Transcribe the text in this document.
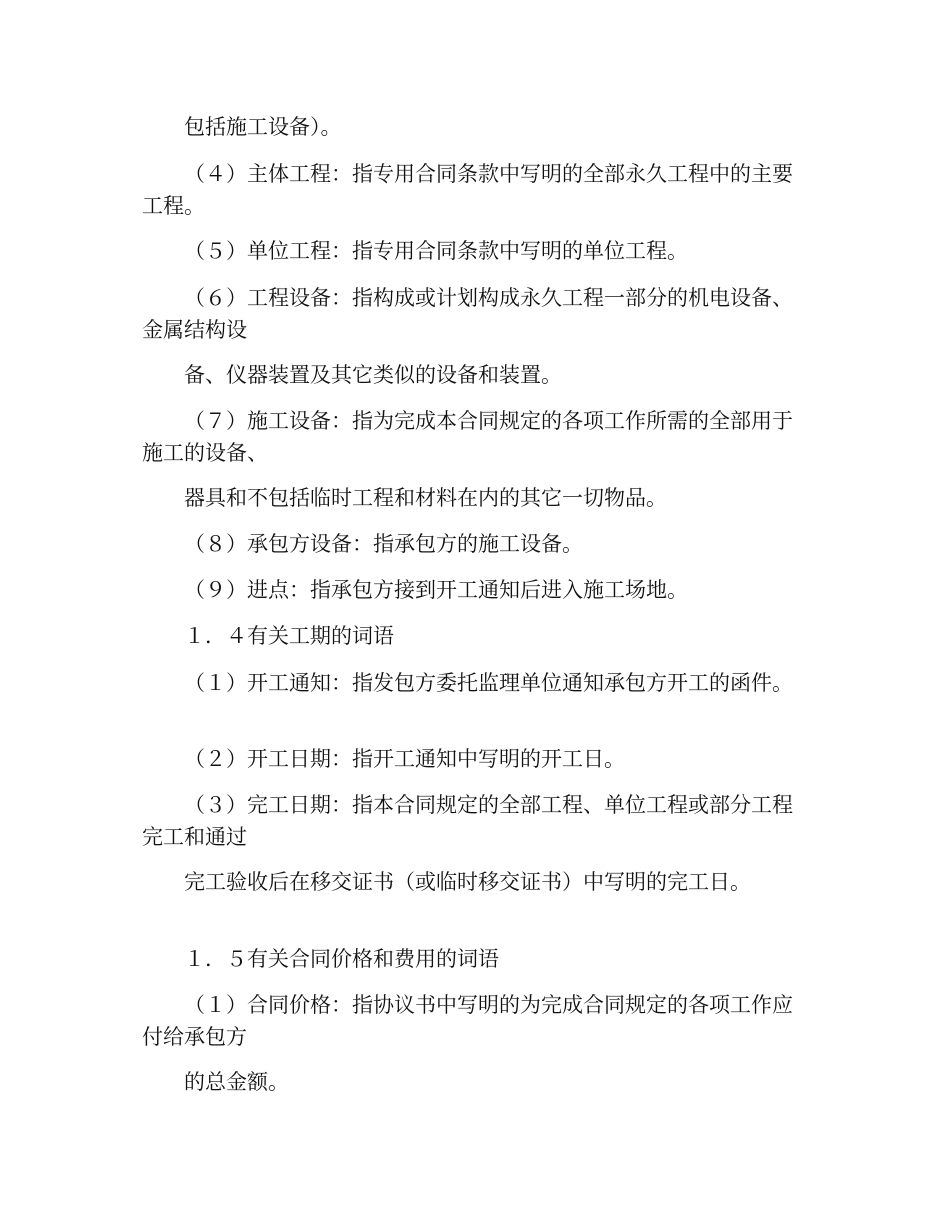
包括施工设备）。

（４）主体工程：指专用合同条款中写明的全部永久工程中的主要工程。

（５）单位工程：指专用合同条款中写明的单位工程。

（６）工程设备：指构成或计划构成永久工程一部分的机电设备、金属结构设

备、仪器装置及其它类似的设备和装置。

（７）施工设备：指为完成本合同规定的各项工作所需的全部用于施工的设备、

器具和不包括临时工程和材料在内的其它一切物品。

（８）承包方设备：指承包方的施工设备。

（９）进点：指承包方接到开工通知后进入施工场地。

１．４有关工期的词语

（１）开工通知：指发包方委托监理单位通知承包方开工的函件。

（２）开工日期：指开工通知中写明的开工日。

（３）完工日期：指本合同规定的全部工程、单位工程或部分工程完工和通过

完工验收后在移交证书（或临时移交证书）中写明的完工日。

１．５有关合同价格和费用的词语

（１）合同价格：指协议书中写明的为完成合同规定的各项工作应付给承包方

的总金额。
